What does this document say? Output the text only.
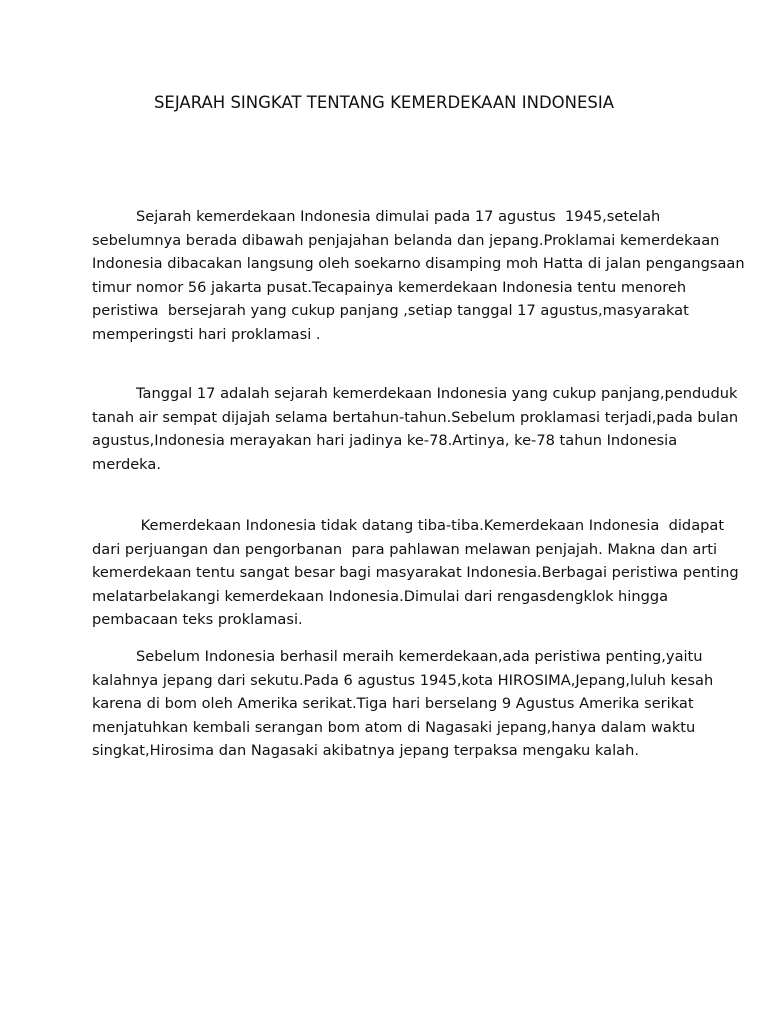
SEJARAH SINGKAT TENTANG KEMERDEKAAN INDONESIA
Sejarah kemerdekaan Indonesia dimulai pada 17 agustus  1945,setelah
sebelumnya berada dibawah penjajahan belanda dan jepang.Proklamai kemerdekaan
Indonesia dibacakan langsung oleh soekarno disamping moh Hatta di jalan pengangsaan
timur nomor 56 jakarta pusat.Tecapainya kemerdekaan Indonesia tentu menoreh
peristiwa  bersejarah yang cukup panjang ,setiap tanggal 17 agustus,masyarakat
memperingsti hari proklamasi .
Tanggal 17 adalah sejarah kemerdekaan Indonesia yang cukup panjang,penduduk
tanah air sempat dijajah selama bertahun-tahun.Sebelum proklamasi terjadi,pada bulan
agustus,Indonesia merayakan hari jadinya ke-78.Artinya, ke-78 tahun Indonesia
merdeka.
Kemerdekaan Indonesia tidak datang tiba-tiba.Kemerdekaan Indonesia  didapat
dari perjuangan dan pengorbanan  para pahlawan melawan penjajah. Makna dan arti
kemerdekaan tentu sangat besar bagi masyarakat Indonesia.Berbagai peristiwa penting
melatarbelakangi kemerdekaan Indonesia.Dimulai dari rengasdengklok hingga
pembacaan teks proklamasi.
Sebelum Indonesia berhasil meraih kemerdekaan,ada peristiwa penting,yaitu
kalahnya jepang dari sekutu.Pada 6 agustus 1945,kota HIROSIMA,Jepang,luluh kesah
karena di bom oleh Amerika serikat.Tiga hari berselang 9 Agustus Amerika serikat
menjatuhkan kembali serangan bom atom di Nagasaki jepang,hanya dalam waktu
singkat,Hirosima dan Nagasaki akibatnya jepang terpaksa mengaku kalah.
